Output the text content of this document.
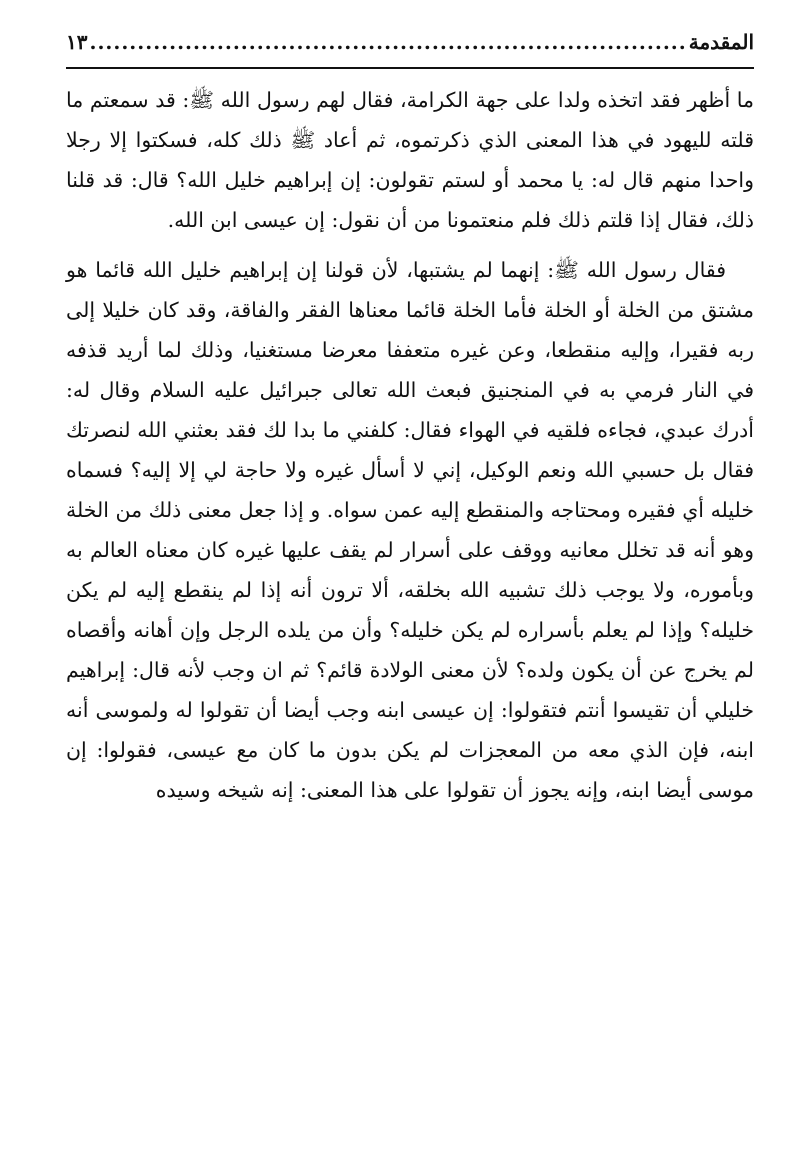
المقدمة
.....
١٣

ما أظهر فقد اتخذه ولدا على جهة الكرامة، فقال لهم رسول الله ﷺ: قد سمعتم ما قلته لليهود في هذا المعنى الذي ذكرتموه، ثم أعاد ﷺ ذلك كله، فسكتوا إلا رجلا واحدا منهم قال له: يا محمد أو لستم تقولون: إن إبراهيم خليل الله؟ قال: قد قلنا ذلك، فقال إذا قلتم ذلك فلم منعتمونا من أن نقول: إن عيسى ابن الله.

فقال رسول الله ﷺ: إنهما لم يشتبها، لأن قولنا إن إبراهيم خليل الله قائما هو مشتق من الخلة أو الخلة فأما الخلة قائما معناها الفقر والفاقة، وقد كان خليلا إلى ربه فقيرا، وإليه منقطعا، وعن غيره متعففا معرضا مستغنيا، وذلك لما أريد قذفه في النار فرمي به في المنجنيق فبعث الله تعالى جبرائيل عليه السلام وقال له: أدرك عبدي، فجاءه فلقيه في الهواء فقال: كلفني ما بدا لك فقد بعثني الله لنصرتك فقال بل حسبي الله ونعم الوكيل، إني لا أسأل غيره ولا حاجة لي إلا إليه؟ فسماه خليله أي فقيره ومحتاجه والمنقطع إليه عمن سواه. و إذا جعل معنى ذلك من الخلة وهو أنه قد تخلل معانيه ووقف على أسرار لم يقف عليها غيره كان معناه العالم به وبأموره، ولا يوجب ذلك تشبيه الله بخلقه، ألا ترون أنه إذا لم ينقطع إليه لم يكن خليله؟ وإذا لم يعلم بأسراره لم يكن خليله؟ وأن من يلده الرجل وإن أهانه وأقصاه لم يخرج عن أن يكون ولده؟ لأن معنى الولادة قائم؟ ثم ان وجب لأنه قال: إبراهيم خليلي أن تقيسوا أنتم فتقولوا: إن عيسى ابنه وجب أيضا أن تقولوا له ولموسى أنه ابنه، فإن الذي معه من المعجزات لم يكن بدون ما كان مع عيسى، فقولوا: إن موسى أيضا ابنه، وإنه يجوز أن تقولوا على هذا المعنى: إنه شيخه وسيده
